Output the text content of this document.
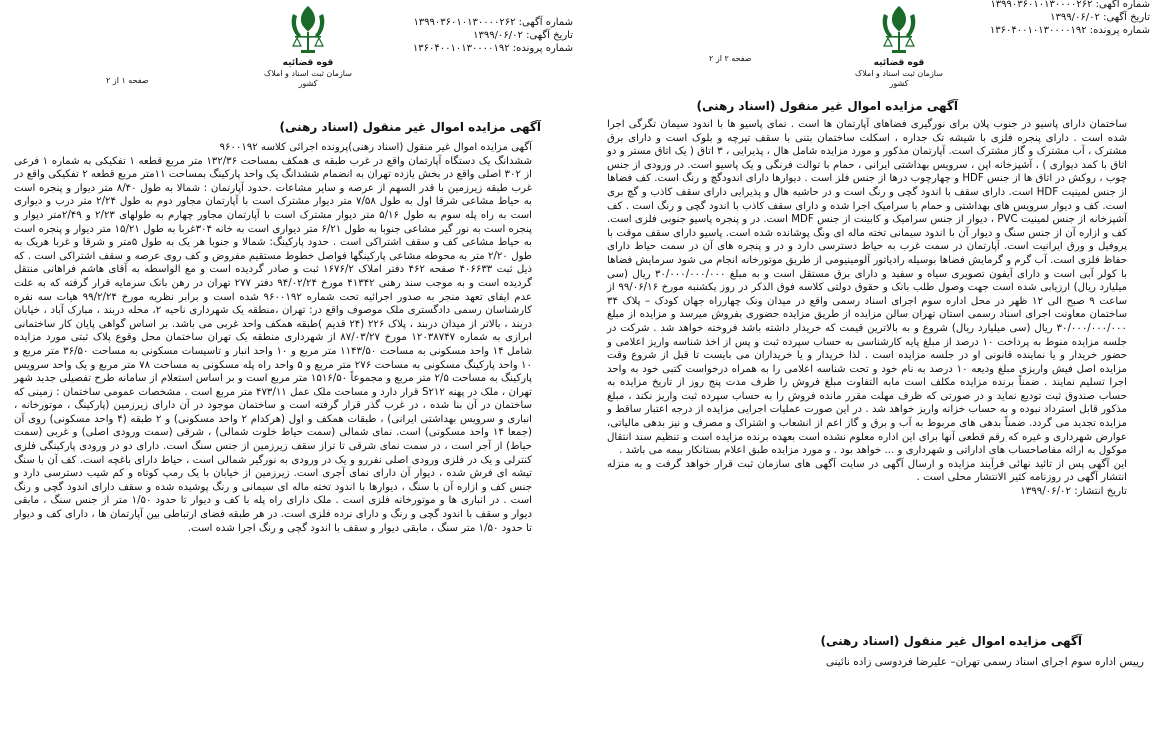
قوه قضائیه
سازمان ثبت اسناد و املاک کشور
شماره آگهی: ۱۳۹۹۰۳۶۰۱۰۱۳۰۰۰۰۲۶۲
تاریخ آگهی: ۱۳۹۹/۰۶/۰۲
شماره پرونده: ۱۳۶۰۴۰۰۱۰۱۳۰۰۰۰۱۹۲
صفحه ۱ از ۲
آگهی مزایده اموال غیر منقول (اسناد رهنی)

آگهی مزایده اموال غیر منقول (اسناد رهنی)پرونده اجرائی کلاسه ۹۶۰۰۱۹۲

ششدانگ یک دستگاه آپارتمان واقع در غرب طبقه ی همکف بمساحت ۱۳۲/۳۶ متر مربع قطعه ۱ تفکیکی به شماره ۱ فرعی از ۳۰۲ اصلی واقع در بخش یازده تهران به انضمام ششدانگ یک واحد پارکینگ بمساحت ۱۱متر مربع قطعه ۲ تفکیکی واقع در غرب طبقه زیرزمین با قدر السهم از عرصه و سایر مشاعات .حدود آپارتمان : شمالا به طول ۸/۴۰ متر دیوار و پنجره است به حیاط مشاعی شرقا اول به طول ۷/۵۸ متر دیوار مشترک است با آپارتمان مجاور دوم به طول ۲/۲۴ متر درب و دیواری است به راه پله سوم به طول ۵/۱۶ متر دیوار مشترک است با آپارتمان مجاور چهارم به طولهای ۲/۲۳ و ۲/۴۹متر دیوار و پنجره است به نور گیر مشاعی جنوبا به طول ۶/۲۱ متر دیواری است به خانه ۳۰۴غربا به طول ۱۵/۲۱ متر دیوار و پنجره است به حیاط مشاعی کف و سقف اشتراکی است . حدود پارکینگ: شمالا و جنوبا هر یک به طول ۵متر و شرقا و غربا هریک به طول ۲/۲۰ متر به محوطه مشاعی پارکینگها فواصل خطوط مستقیم مفروض و کف روی عرصه و سقف اشتراکی است . که ذیل ثبت ۴۰۶۶۳۳ صفحه ۴۶۲ دفتر املاک ۱۶۷۶/۲ ثبت و صادر گردیده است و مع الواسطه به آقای هاشم فراهانی منتقل گردیده است و به موجب سند رهنی ۴۱۳۴۲ مورخ ۹۴/۰۲/۲۴ دفتر ۲۷۷ تهران در رهن بانک سرمایه قرار گرفته که به علت عدم ایفای تعهد منجر به صدور اجرائیه تحت شماره ۹۶۰۰۱۹۲ شده است و برابر نظریه مورخ ۹۹/۲/۲۴ هیات سه نفره کارشناسان رسمی دادگستری ملک موصوف واقع در: تهران ،منطقه یک شهرداری ناحیه ۲، محله دربند ، مبارک آباد ، خیابان دربند ، بالاتر از میدان دربند ، پلاک ۲۲۶ (۲۴ قدیم )طبقه همکف واحد غربی می باشد. بر اساس گواهی پایان کار ساختمانی ابرازی به شماره ۱۲۰۳۸۷۴۷ مورخ ۸۷/۰۳/۲۷ از شهرداری منطقه یک تهران ساختمان محل وقوع پلاک ثبتی مورد مزایده شامل ۱۴ واحد مسکونی به مساحت ۱۱۴۳/۵۰ متر مربع و ۱۰ واحد انبار و تاسیسات مسکونی به مساحت ۳۶/۵۰ متر مربع و ۱۰ واحد پارکینگ مسکونی به مساحت ۲۷۶ متر مربع و ۵ واحد راه پله مسکونی به مساحت ۷۸ متر مربع و یک واحد سرویس پارکینگ به مساحت ۲/۵ متر مربع و مجموعاً ۱۵۱۶/۵۰ متر مربع است و بر اساس استعلام از سامانه طرح تفصیلی جدید شهر تهران ، ملک در پهنه S۲۱۲ قرار دارد و مساحت ملک عمل ۴۷۳/۱۱ متر مربع است . مشخصات عمومی ساختمان : زمینی که ساختمان در آن بنا شده ، در غرب گذر قرار گرفته است و ساختمان موجود در آن دارای زیرزمین (پارکینگ ، موتورخانه ، انباری و سرویس بهداشتی ایرانی) ، طبقات همکف و اول (هرکدام ۲ واحد مسکونی) و ۲ طبقه (۴ واحد مسکونی) روی آن (جمعا ۱۴ واحد مسکونی) است. نمای شمالی (سمت حیاط خلوت شمالی) ، شرقی (سمت ورودی اصلی) و غربی (سمت حیاط) از آجر است ، در سمت نمای شرقی تا تراز سقف زیرزمین از جنس سنگ است. دارای دو در ورودی پارکینگی فلزی کنترلی و یک در فلزی ورودی اصلی نفررو و یک در ورودی به نورگیر شمالی است ، حیاط دارای باغچه است. کف آن با سنگ تیشه ای فرش شده ، دیوار آن دارای نمای آجری است. زیرزمین از خیابان با یک رمپ کوتاه و کم شیب دسترسی دارد و جنس کف و ازاره آن با سنگ ، دیوارها با اندود تخته ماله ای سیمانی و رنگ پوشیده شده و سقف دارای اندود گچی و رنگ است . در انباری ها و موتورخانه فلزی است . ملک دارای راه پله با کف و دیوار تا حدود ۱/۵۰ متر از جنس سنگ ، مابقی دیوار و سقف با اندود گچی و رنگ و دارای نرده فلزی است. در هر طبقه فضای ارتباطی بین آپارتمان ها ، دارای کف و دیوار تا حدود ۱/۵۰ متر سنگ ، مابقی دیوار و سقف با اندود گچی و رنگ اجرا شده است.

قوه قضائیه
سازمان ثبت اسناد و املاک کشور
شماره آگهی: ۱۳۹۹۰۳۶۰۱۰۱۳۰۰۰۰۲۶۲
تاریخ آگهی: ۱۳۹۹/۰۶/۰۲
شماره پرونده: ۱۳۶۰۴۰۰۱۰۱۳۰۰۰۰۱۹۲
صفحه ۲ از ۲
آگهی مزایده اموال غیر منقول (اسناد رهنی)

ساختمان دارای پاسیو در جنوب پلان برای نورگیری فضاهای آپارتمان ها است . نمای پاسیو ها با اندود سیمان تگرگی اجرا شده است . دارای پنجره فلزی با شیشه تک جداره ، اسکلت ساختمان بتنی با سقف تیرچه و بلوک است و دارای برق مشترک ، آب مشترک و گاز مشترک است. آپارتمان مذکور و مورد مزایده شامل هال ، پذیرایی ، ۳ اتاق ( یک اتاق مستر و دو اتاق با کمد دیواری ) ، آشپزخانه اپن ، سرویس بهداشتی ایرانی ، حمام با توالت فرنگی و یک پاسیو است. در ورودی از جنس چوب ، روکش در اتاق ها از جنس HDF و چهارچوب درها از جنس فلز است . دیوارها دارای اندودگچ و رنگ است. کف فضاها از جنس لمینیت HDF است. دارای سقف با اندود گچی و رنگ است و در حاشیه هال و پذیرایی دارای سقف کاذب و گچ بری است. کف و دیوار سرویس های بهداشتی و حمام با سرامیک اجرا شده و دارای سقف کاذب با اندود گچی و رنگ است . کف آشپزخانه از جنس لمینیت PVC ، دیوار از جنس سرامیک و کابینت از جنس MDF است. در و پنجره پاسیو جنوبی فلزی است. کف و ازاره آن از جنس سنگ و دیوار آن با اندود سیمانی تخته ماله ای ونگ پوشانده شده است. پاسیو دارای سقف موقت با پروفیل و ورق ایرانیت است. آپارتمان در سمت غرب به حیاط دسترسی دارد و در و پنجره های آن در سمت حیاط دارای حفاظ فلزی است. آب گرم و گرمایش فضاها بوسیله رادیاتور آلومینیومی از طریق موتورخانه انجام می شود سرمایش فضاها با کولر آبی است و دارای آیفون تصویری سیاه و سفید و دارای برق مستقل است و به مبلغ ۳۰/۰۰۰/۰۰۰/۰۰۰ ریال (سی میلیارد ریال) ارزیابی شده است جهت وصول طلب بانک و حقوق دولتی کلاسه فوق الذکر در روز یکشنبه مورخ ۹۹/۰۶/۱۶ از ساعت ۹ صبح الی ۱۲ ظهر در محل اداره سوم اجرای اسناد رسمی واقع در میدان ونک چهارراه جهان کودک – پلاک ۳۴ ساختمان معاونت اجرای اسناد رسمی استان تهران سالن مزایده از طریق مزایده حضوری بفروش میرسد و مزایده از مبلغ ۳۰/۰۰۰/۰۰۰/۰۰۰ ریال (سی میلیارد ریال) شروع و به بالاترین قیمت که خریدار داشته باشد فروخته خواهد شد . شرکت در جلسه مزایده منوط به پرداخت ۱۰ درصد از مبلغ پایه کارشناسی به حساب سپرده ثبت و پس از اخذ شناسه واریز اعلامی و حضور خریدار و یا نماینده قانونی او در جلسه مزایده است . لذا خریدار و یا خریداران می بایست تا قبل از شروع وقت مزایده اصل فیش واریزی مبلغ ودیعه ۱۰ درصد به نام خود و تحت شناسه اعلامی را به همراه درخواست کتبی خود به واحد اجرا تسلیم نمایند . ضمناً برنده مزایده مکلف است مابه التفاوت مبلغ فروش را ظرف مدت پنج روز از تاریخ مزایده به حساب صندوق ثبت تودیع نماید و در صورتی که ظرف مهلت مقرر مانده فروش را به حساب سپرده ثبت واریز نکند ، مبلغ مذکور قابل استرداد نبوده و به حساب خزانه واریز خواهد شد . در این صورت عملیات اجرایی مزایده از درجه اعتبار ساقط و مزایده تجدید می گردد. ضمناً بدهی های مربوط به آب و برق و گاز اعم از انشعاب و اشتراک و مصرف و نیز بدهی مالیاتی، عوارض شهرداری و غیره که رقم قطعی آنها برای این اداره معلوم نشده است بعهده برنده مزایده است و تنظیم سند انتقال موکول به ارائه مفاصاحساب های اداراتی و شهرداری و ... خواهد بود . و مورد مزایده طبق اعلام بستانکار بیمه می باشد .

این آگهی پس از تائید نهائی فرآیند مزایده و ارسال آگهی در سایت آگهی های سازمان ثبت قرار خواهد گرفت و به منزله انتشار آگهی در روزنامه کثیر الانتشار محلی است .

تاریخ انتشار: ۱۳۹۹/۰۶/۰۲

آگهی مزایده اموال غیر منقول (اسناد رهنی)
رییس اداره سوم اجرای اسناد رسمی تهران– علیرضا فردوسی زاده نائینی
